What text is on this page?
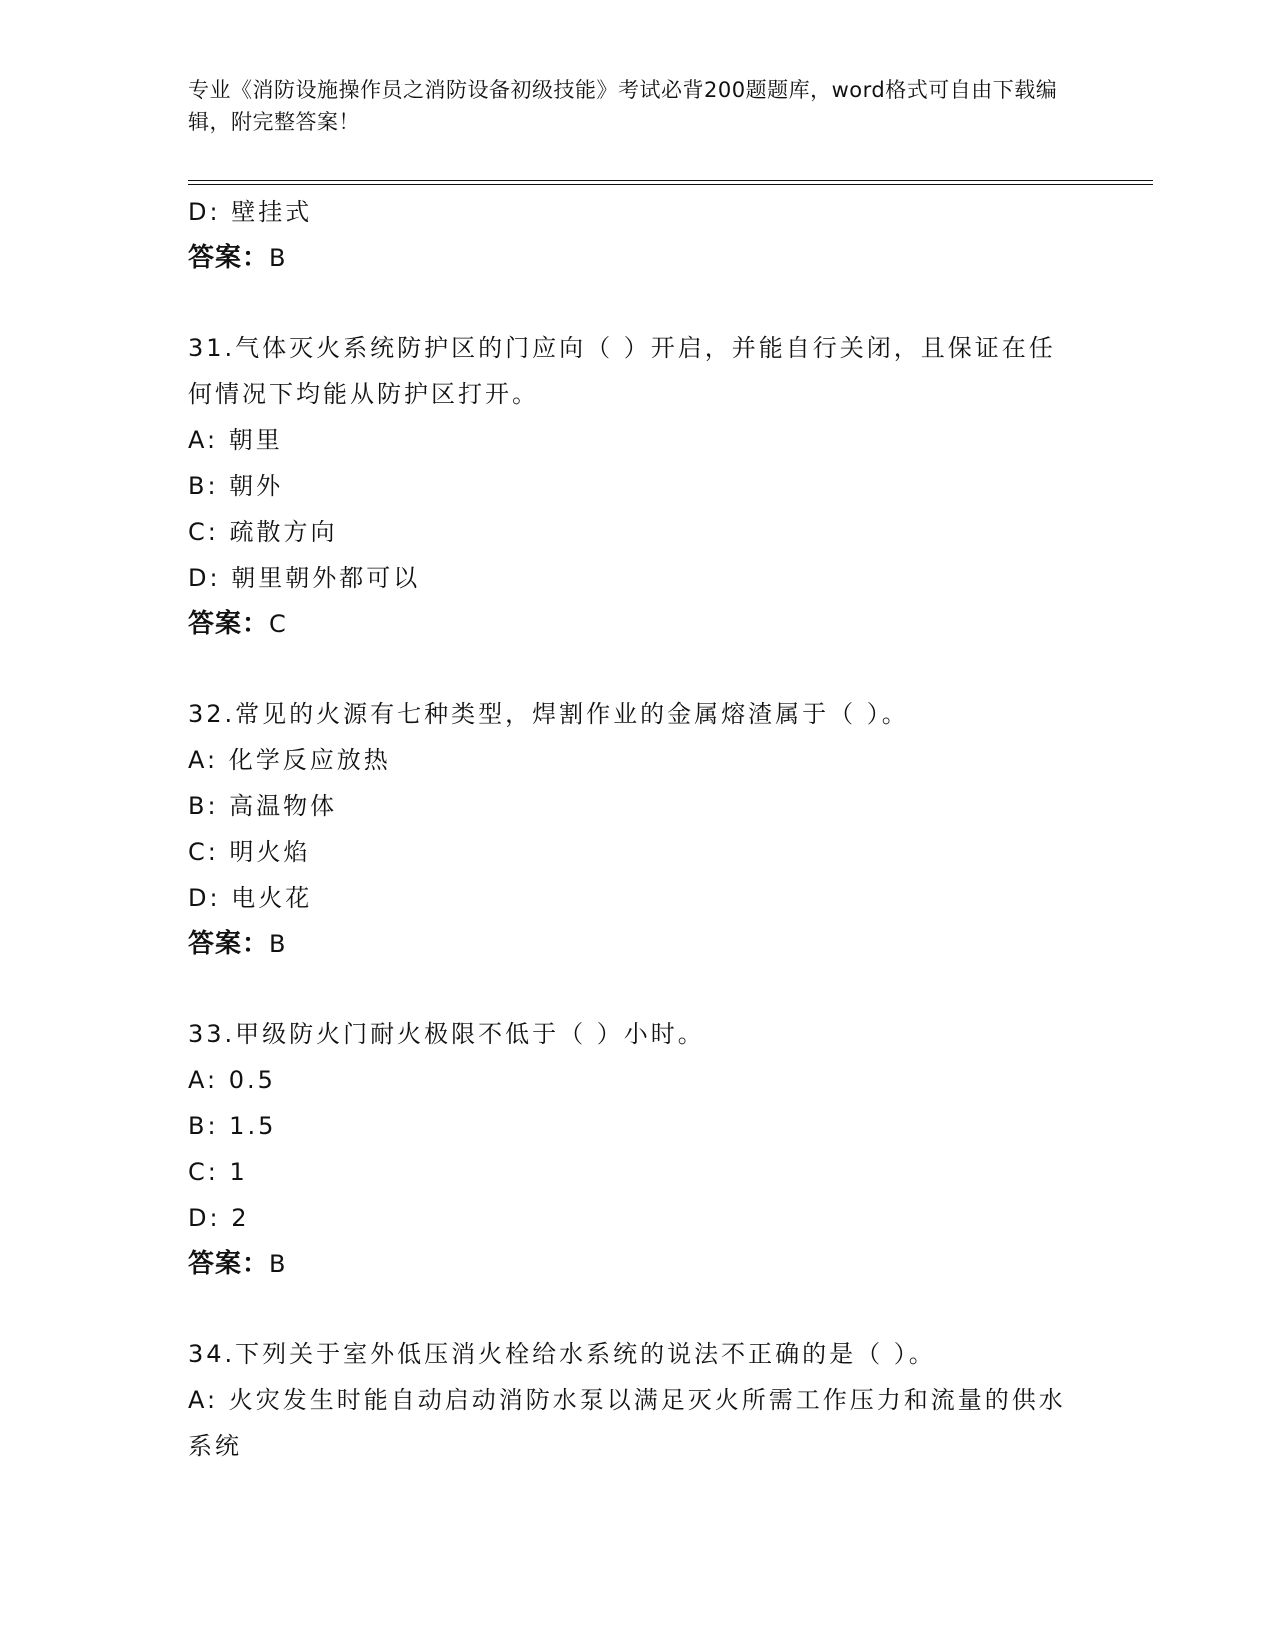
专业《消防设施操作员之消防设备初级技能》考试必背200题题库，word格式可自由下载编辑，附完整答案！
D: 壁挂式
答案：B
31.气体灭火系统防护区的门应向（ ）开启，并能自行关闭，且保证在任何情况下均能从防护区打开。
A: 朝里
B: 朝外
C: 疏散方向
D: 朝里朝外都可以
答案：C
32.常见的火源有七种类型，焊割作业的金属熔渣属于（ ）。
A: 化学反应放热
B: 高温物体
C: 明火焰
D: 电火花
答案：B
33.甲级防火门耐火极限不低于（ ）小时。
A: 0.5
B: 1.5
C: 1
D: 2
答案：B
34.下列关于室外低压消火栓给水系统的说法不正确的是（ ）。
A: 火灾发生时能自动启动消防水泵以满足灭火所需工作压力和流量的供水系统
